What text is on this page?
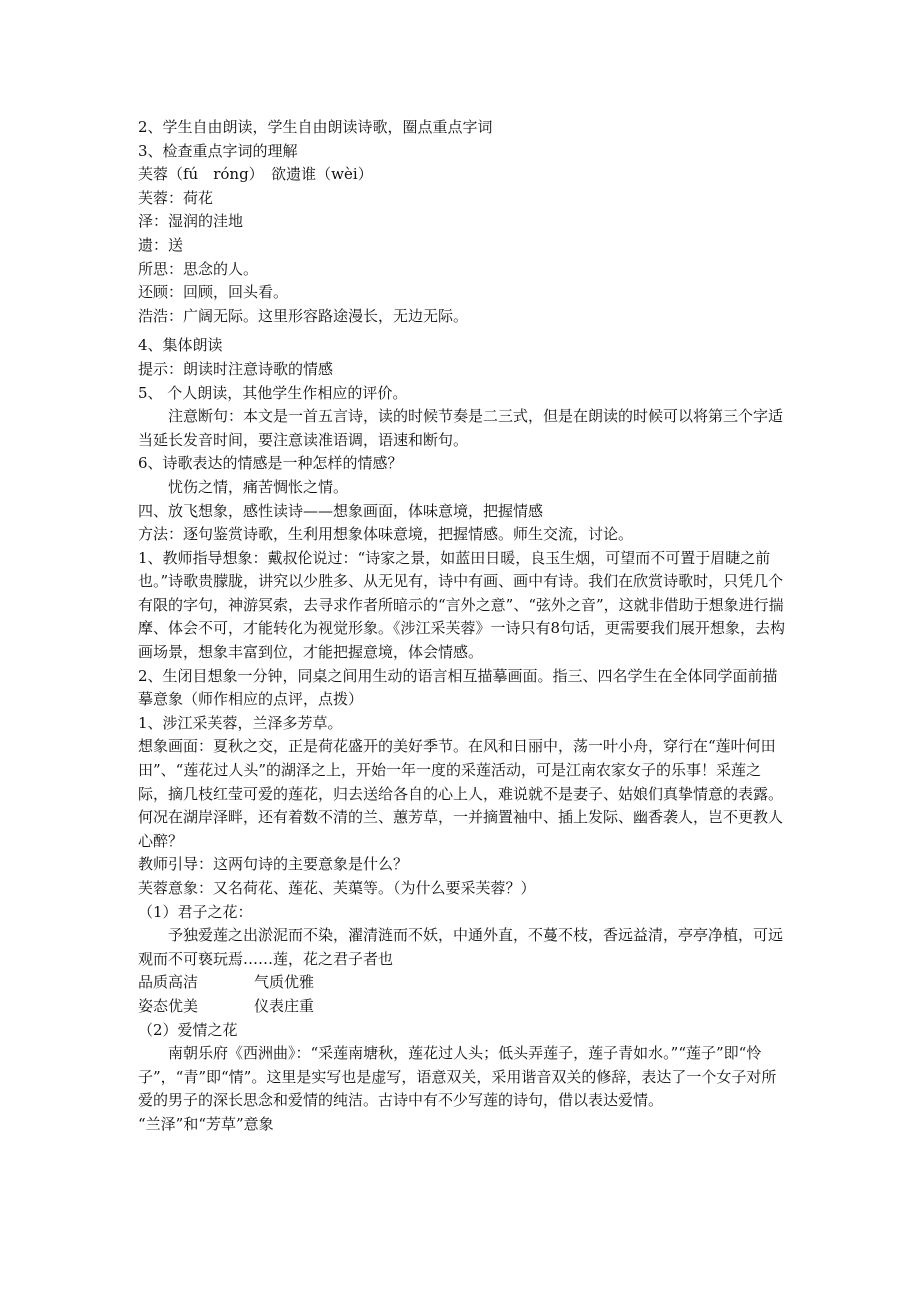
2、学生自由朗读，学生自由朗读诗歌，圈点重点字词

3、检查重点字词的理解

芙蓉（fú　róng）　欲遗谁（wèi）

芙蓉：荷花

泽：湿润的洼地

遗：送

所思：思念的人。

还顾：回顾，回头看。

浩浩：广阔无际。这里形容路途漫长，无边无际。

4、集体朗读

提示：朗读时注意诗歌的情感

5、 个人朗读，其他学生作相应的评价。

注意断句：本文是一首五言诗，读的时候节奏是二三式，但是在朗读的时候可以将第三个字适当延长发音时间，要注意读准语调，语速和断句。

6、诗歌表达的情感是一种怎样的情感？

忧伤之情，痛苦惆怅之情。

四、放飞想象，感性读诗——想象画面，体味意境，把握情感

方法：逐句鉴赏诗歌，生利用想象体味意境，把握情感。师生交流，讨论。

1、教师指导想象：戴叔伦说过：“诗家之景，如蓝田日暖，良玉生烟，可望而不可置于眉睫之前也。”诗歌贵朦胧，讲究以少胜多、从无见有，诗中有画、画中有诗。我们在欣赏诗歌时，只凭几个有限的字句，神游冥索，去寻求作者所暗示的“言外之意”、“弦外之音”，这就非借助于想象进行揣摩、体会不可，才能转化为视觉形象。《涉江采芙蓉》一诗只有8句话，更需要我们展开想象，去构画场景，想象丰富到位，才能把握意境，体会情感。

2、生闭目想象一分钟，同桌之间用生动的语言相互描摹画面。指三、四名学生在全体同学面前描摹意象（师作相应的点评，点拨）

1、涉江采芙蓉，兰泽多芳草。

想象画面：夏秋之交，正是荷花盛开的美好季节。在风和日丽中，荡一叶小舟，穿行在“莲叶何田田”、“莲花过人头”的湖泽之上，开始一年一度的采莲活动，可是江南农家女子的乐事！采莲之际，摘几枝红莹可爱的莲花，归去送给各自的心上人，难说就不是妻子、姑娘们真挚情意的表露。何况在湖岸泽畔，还有着数不清的兰、蕙芳草，一并摘置袖中、插上发际、幽香袭人，岂不更教人心醉？

教师引导：这两句诗的主要意象是什么？

芙蓉意象：又名荷花、莲花、芙蕖等。（为什么要采芙蓉？）

（1）君子之花：

予独爱莲之出淤泥而不染，濯清涟而不妖，中通外直，不蔓不枝，香远益清，亭亭净植，可远观而不可亵玩焉……莲，花之君子者也

品质高洁	气质优雅

姿态优美	仪表庄重

（2）爱情之花

南朝乐府《西洲曲》：“采莲南塘秋，莲花过人头；低头弄莲子，莲子青如水。”“莲子”即“怜子”，“青”即“情”。这里是实写也是虚写，语意双关，采用谐音双关的修辞，表达了一个女子对所爱的男子的深长思念和爱情的纯洁。古诗中有不少写莲的诗句，借以表达爱情。

“兰泽”和“芳草”意象
